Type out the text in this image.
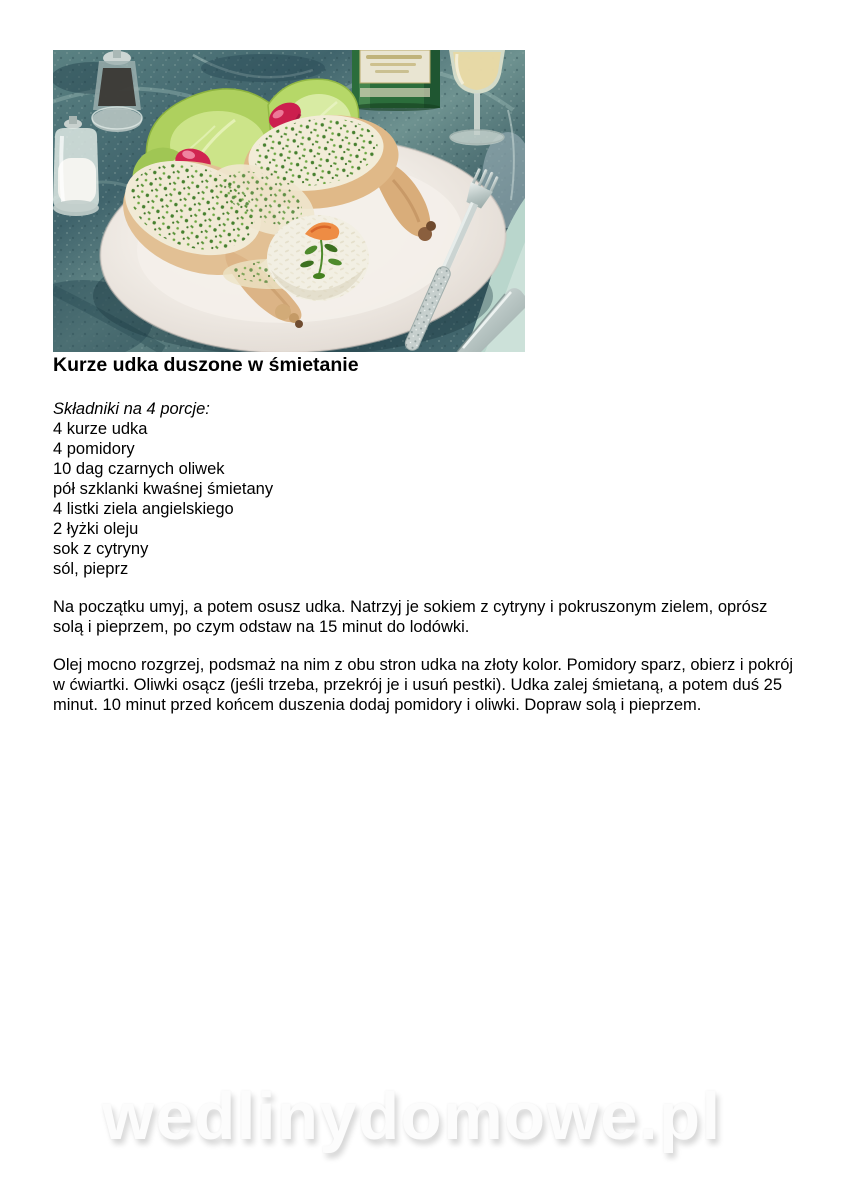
Kurze udka duszone w śmietanie

Składniki na 4 porcje:

4 kurze udka
4 pomidory
10 dag czarnych oliwek
pół szklanki kwaśnej śmietany
4 listki ziela angielskiego
2 łyżki oleju
sok z cytryny
sól, pieprz

Na początku umyj, a potem osusz udka. Natrzyj je sokiem z cytryny i pokruszonym zielem, oprósz solą i pieprzem, po czym odstaw na 15 minut do lodówki.

Olej mocno rozgrzej, podsmaż na nim z obu stron udka na złoty kolor. Pomidory sparz, obierz i pokrój w ćwiartki. Oliwki osącz (jeśli trzeba, przekrój je i usuń pestki). Udka zalej śmietaną, a potem duś 25 minut. 10 minut przed końcem duszenia dodaj pomidory i oliwki. Dopraw solą i pieprzem.

wedlinydomowe.pl
